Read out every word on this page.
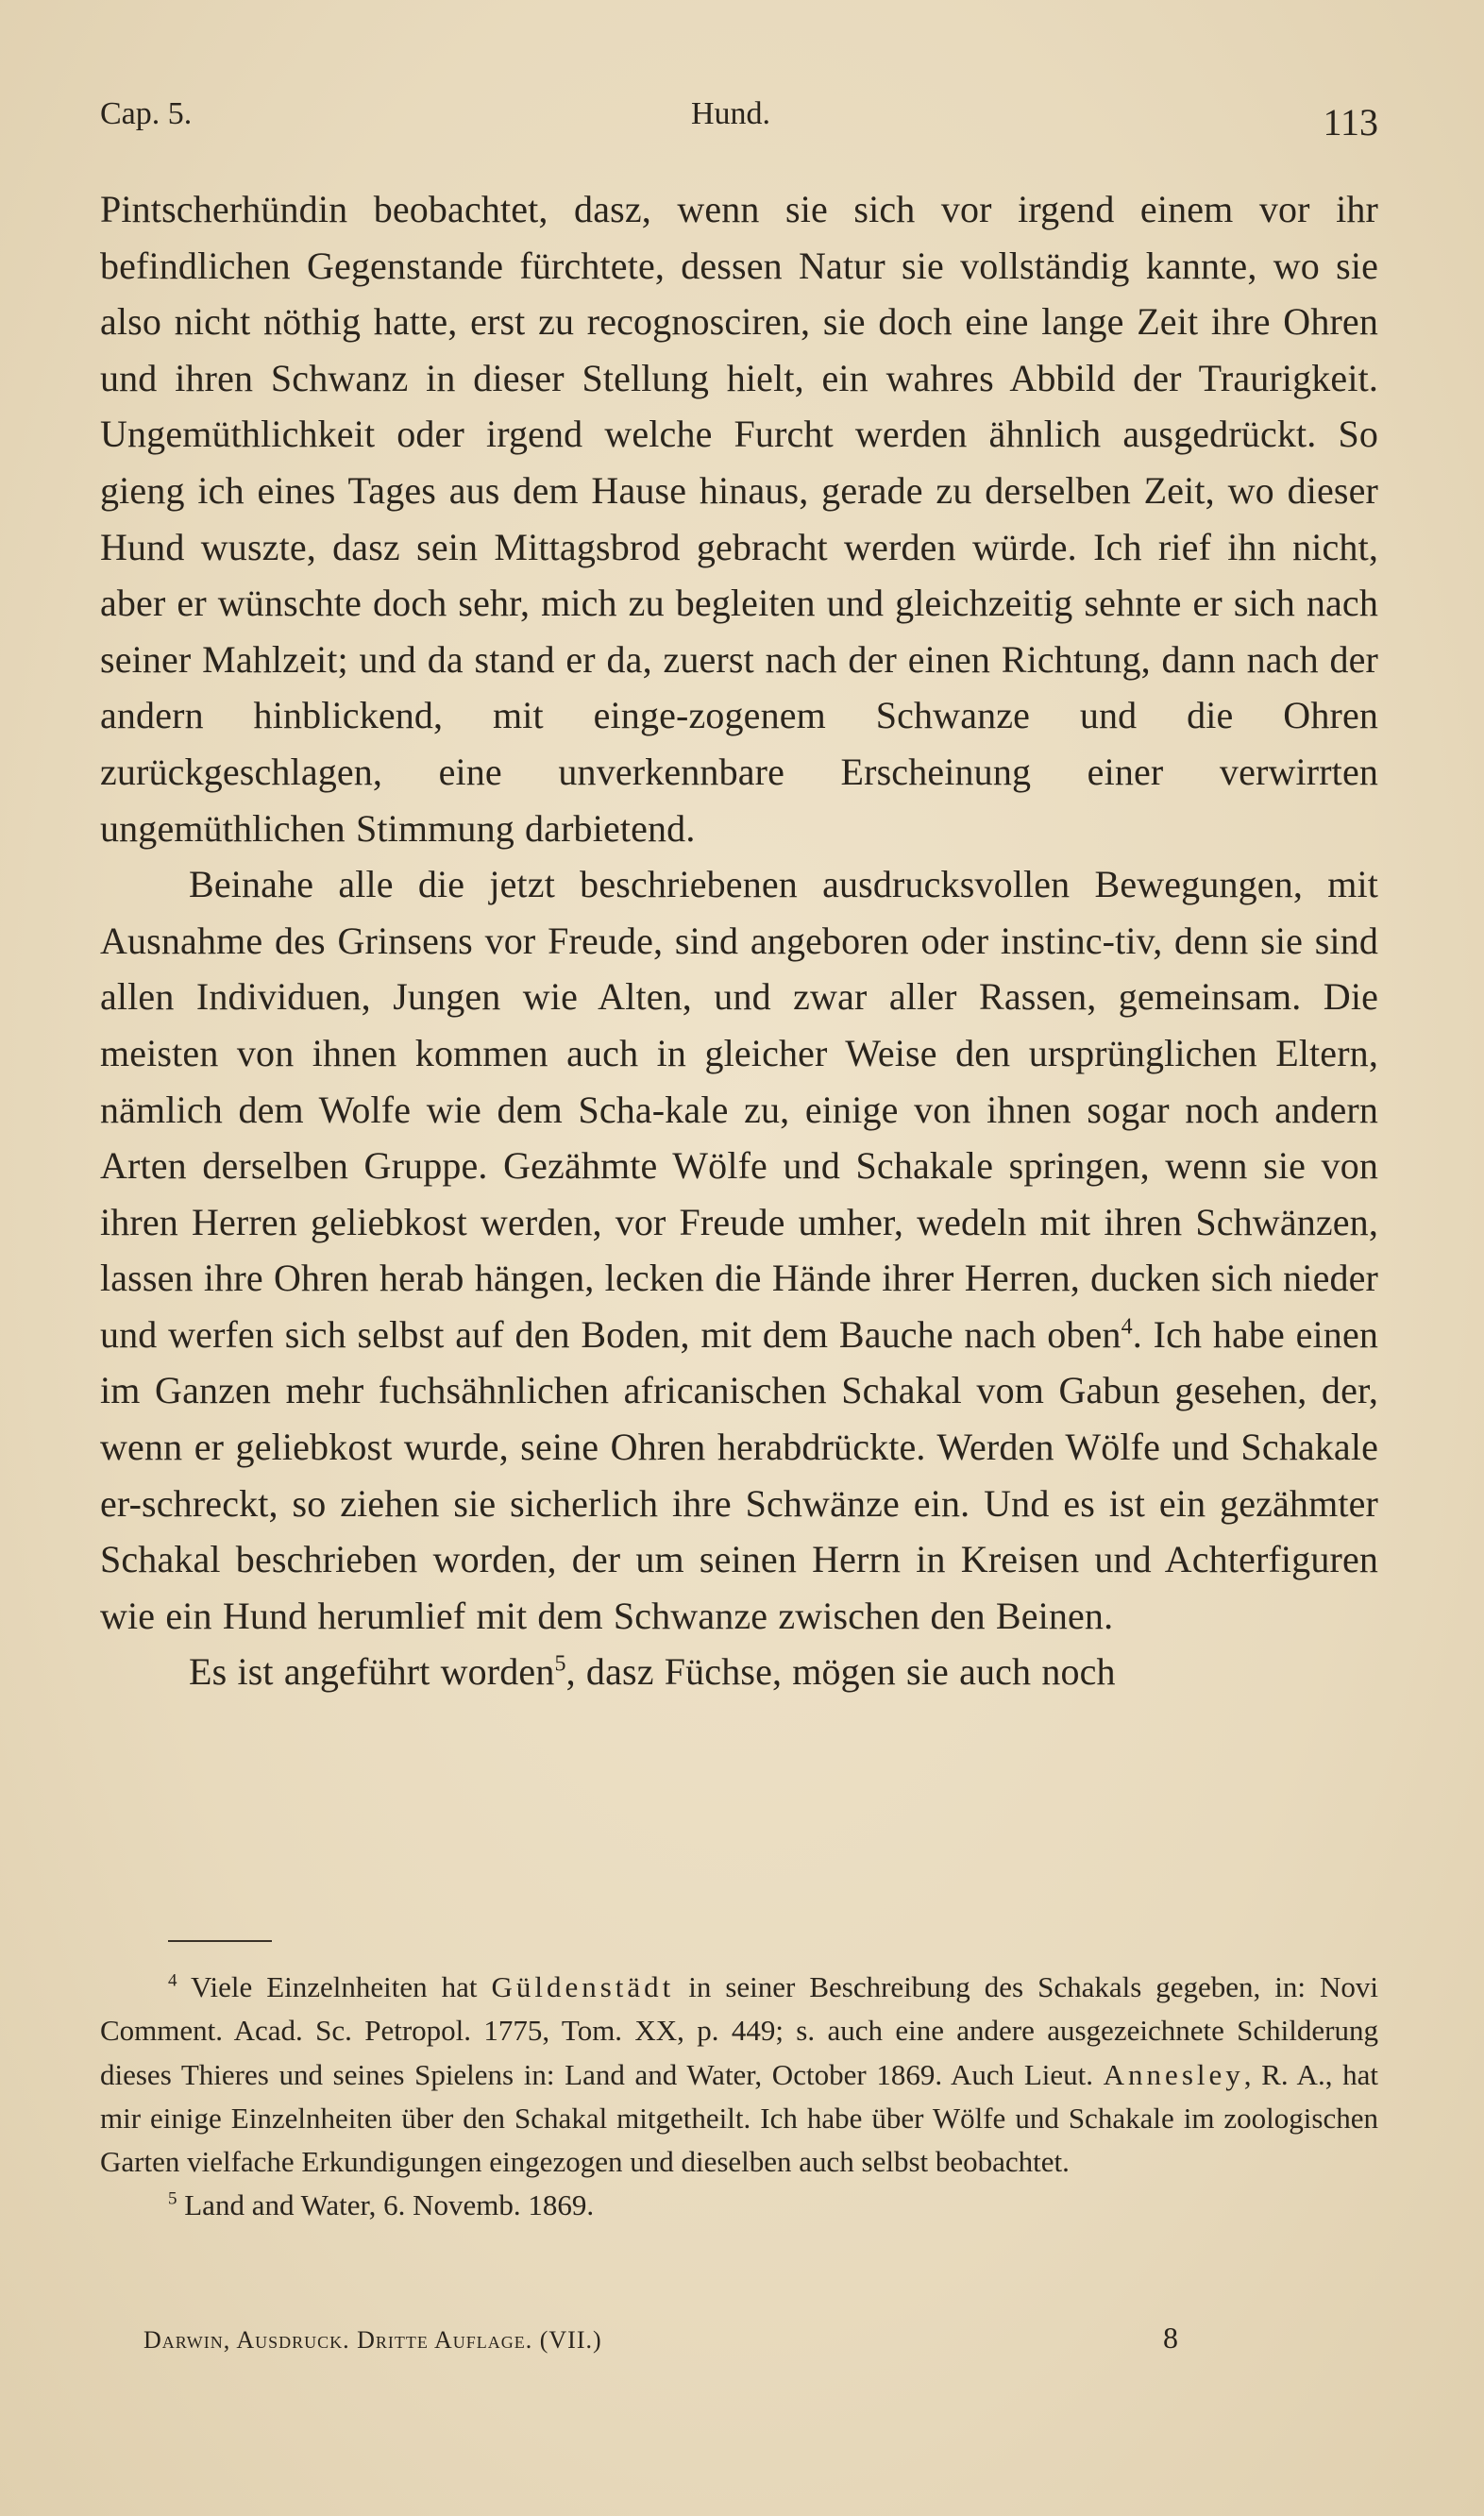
Cap. 5.	Hund.	113

Pintscherhündin beobachtet, dasz, wenn sie sich vor irgend einem vor ihr befindlichen Gegenstande fürchtete, dessen Natur sie vollständig kannte, wo sie also nicht nöthig hatte, erst zu recognosciren, sie doch eine lange Zeit ihre Ohren und ihren Schwanz in dieser Stellung hielt, ein wahres Abbild der Traurigkeit. Ungemüthlichkeit oder irgend welche Furcht werden ähnlich ausgedrückt. So gieng ich eines Tages aus dem Hause hinaus, gerade zu derselben Zeit, wo dieser Hund wuszte, dasz sein Mittagsbrod gebracht werden würde. Ich rief ihn nicht, aber er wünschte doch sehr, mich zu begleiten und gleichzeitig sehnte er sich nach seiner Mahlzeit; und da stand er da, zuerst nach der einen Richtung, dann nach der andern hinblickend, mit einge-zogenem Schwanze und die Ohren zurückgeschlagen, eine unverkennbare Erscheinung einer verwirrten ungemüthlichen Stimmung darbietend.

Beinahe alle die jetzt beschriebenen ausdrucksvollen Bewegungen, mit Ausnahme des Grinsens vor Freude, sind angeboren oder instinc-tiv, denn sie sind allen Individuen, Jungen wie Alten, und zwar aller Rassen, gemeinsam. Die meisten von ihnen kommen auch in gleicher Weise den ursprünglichen Eltern, nämlich dem Wolfe wie dem Scha-kale zu, einige von ihnen sogar noch andern Arten derselben Gruppe. Gezähmte Wölfe und Schakale springen, wenn sie von ihren Herren geliebkost werden, vor Freude umher, wedeln mit ihren Schwänzen, lassen ihre Ohren herab hängen, lecken die Hände ihrer Herren, ducken sich nieder und werfen sich selbst auf den Boden, mit dem Bauche nach oben$^4$. Ich habe einen im Ganzen mehr fuchsähnlichen africanischen Schakal vom Gabun gesehen, der, wenn er geliebkost wurde, seine Ohren herabdrückte. Werden Wölfe und Schakale er-schreckt, so ziehen sie sicherlich ihre Schwänze ein. Und es ist ein gezähmter Schakal beschrieben worden, der um seinen Herrn in Kreisen und Achterfiguren wie ein Hund herumlief mit dem Schwanze zwischen den Beinen.

Es ist angeführt worden$^5$, dasz Füchse, mögen sie auch noch

$^4$ Viele Einzelnheiten hat Güldenstädt in seiner Beschreibung des Schakals gegeben, in: Novi Comment. Acad. Sc. Petropol. 1775, Tom. XX, p. 449; s. auch eine andere ausgezeichnete Schilderung dieses Thieres und seines Spielens in: Land and Water, October 1869. Auch Lieut. Annesley, R. A., hat mir einige Einzelnheiten über den Schakal mitgetheilt. Ich habe über Wölfe und Schakale im zoologischen Garten vielfache Erkundigungen eingezogen und dieselben auch selbst beobachtet.

$^5$ Land and Water, 6. Novemb. 1869.

Darwin, Ausdruck. Dritte Auflage. (VII.)	8
